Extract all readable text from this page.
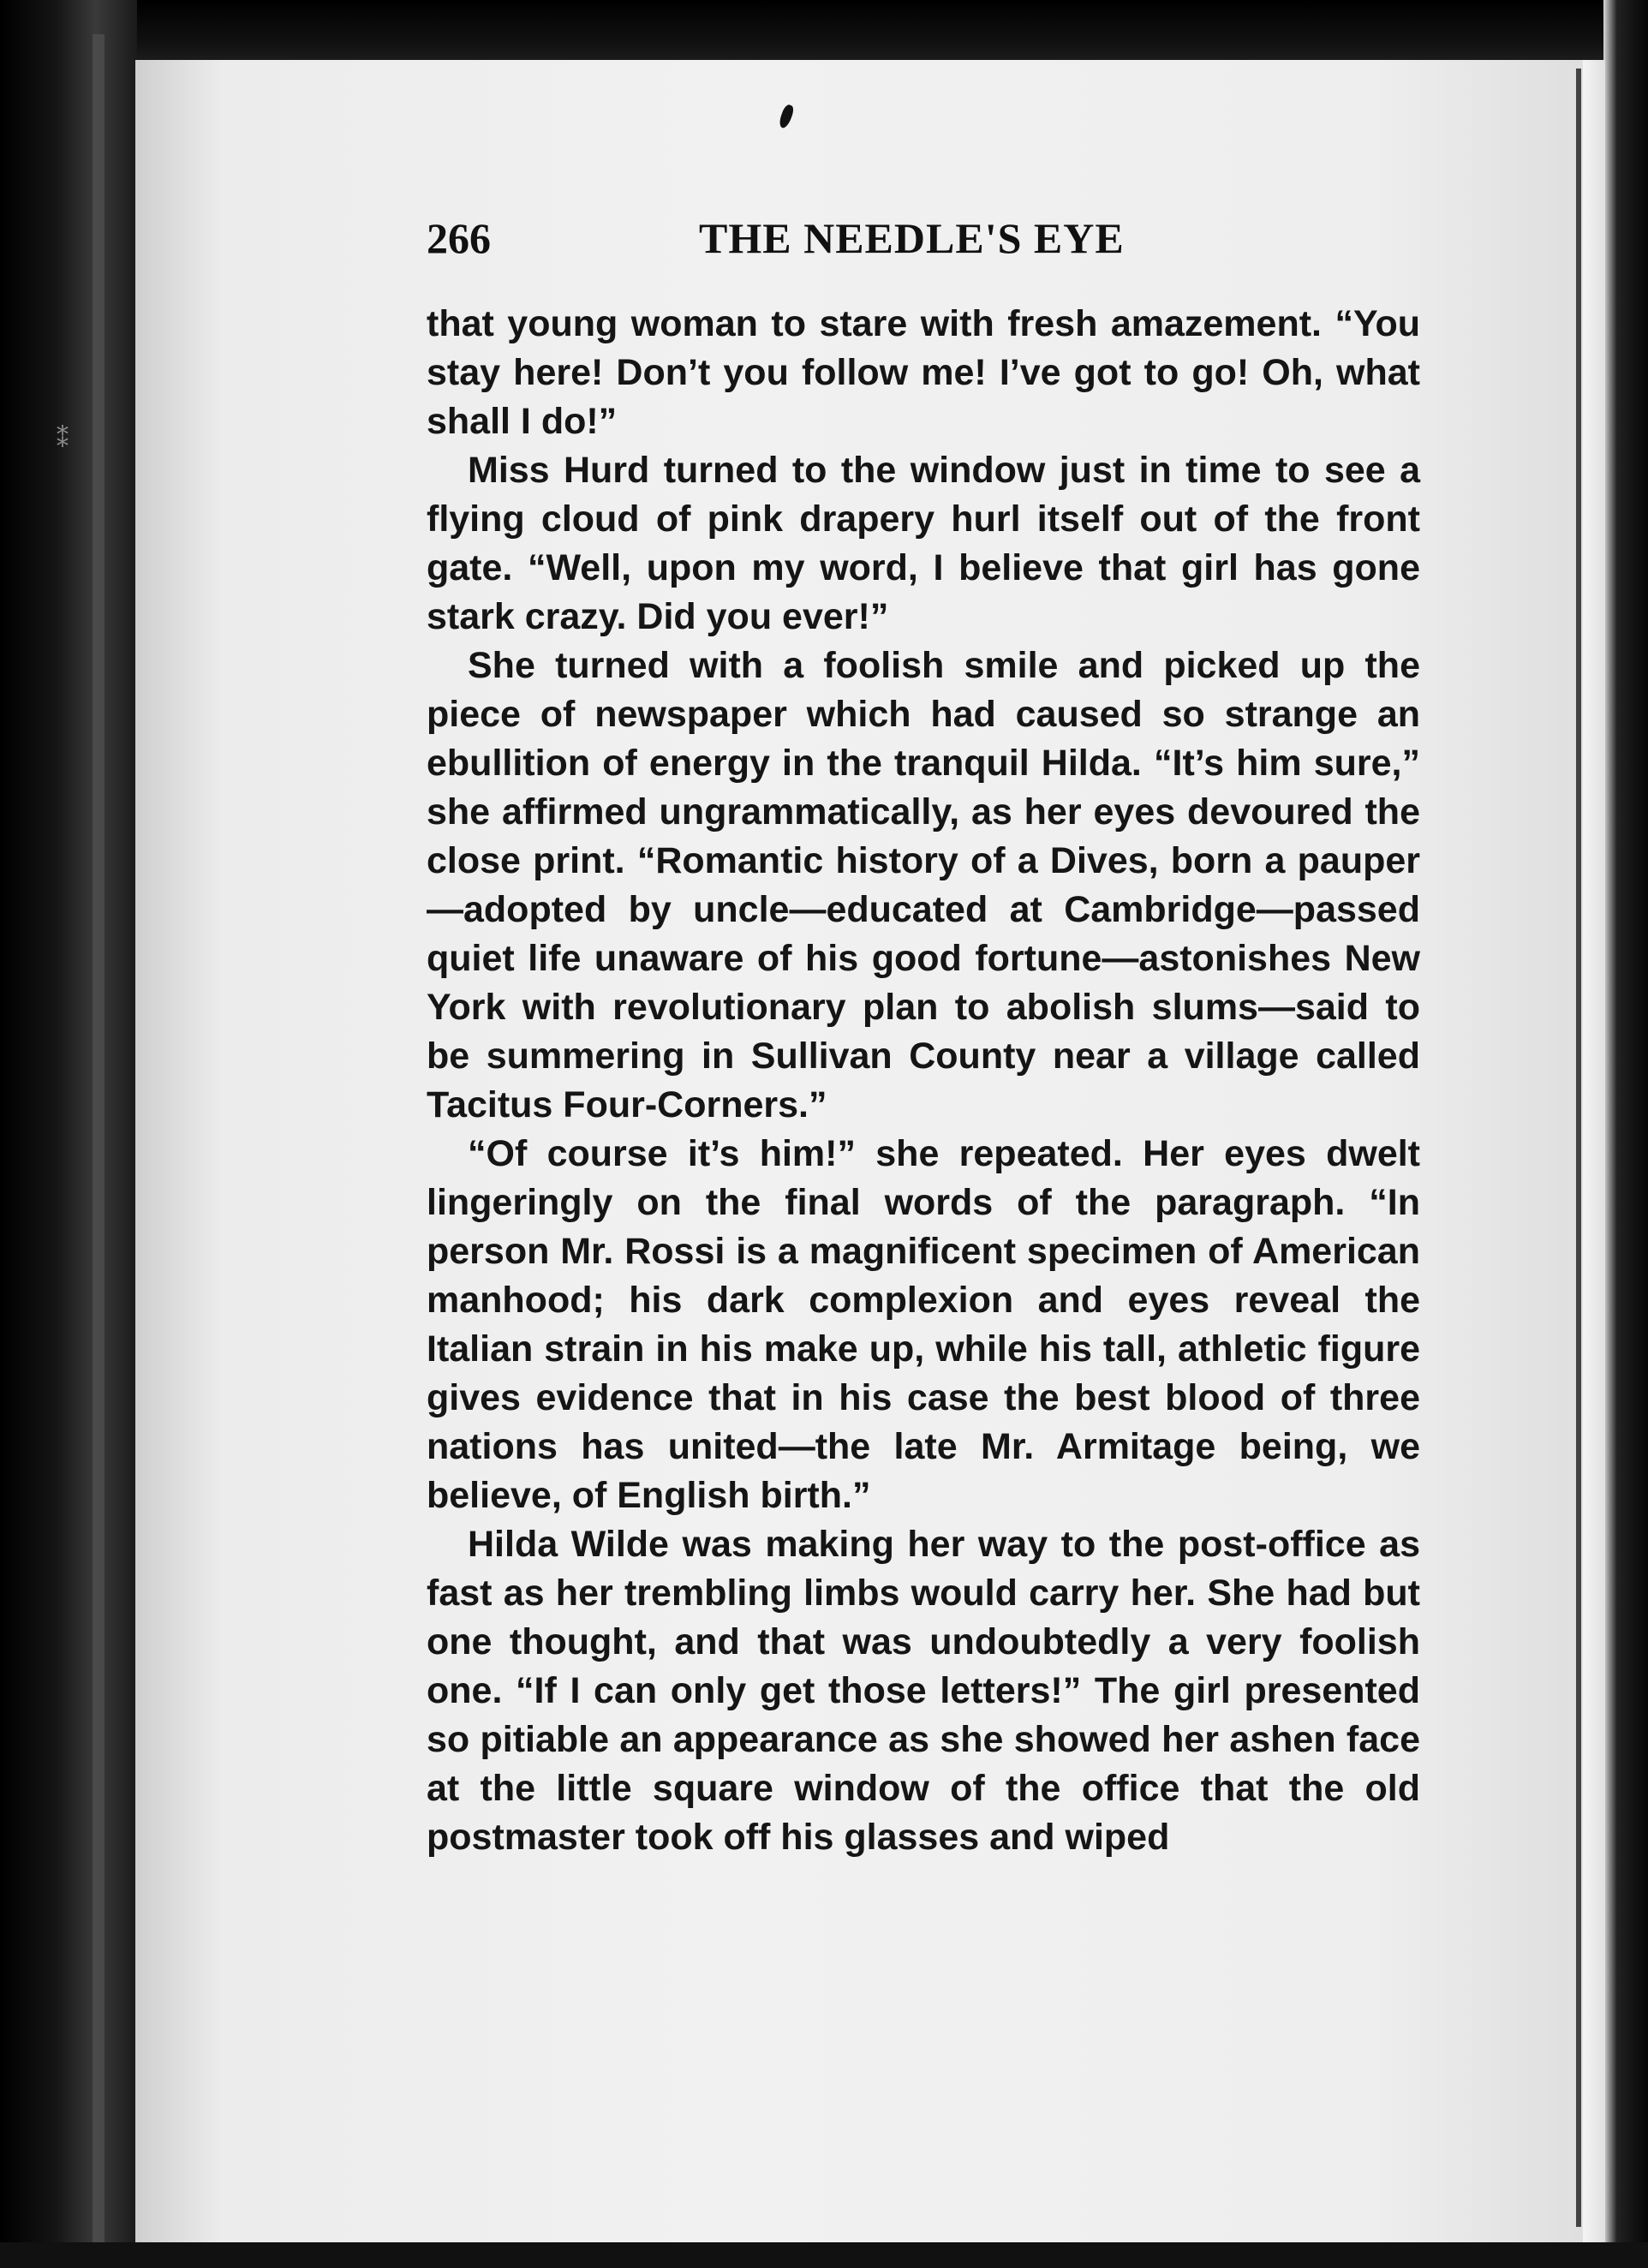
⁑
266	THE NEEDLE'S EYE

that young woman to stare with fresh amazement. “You stay here! Don’t you follow me! I’ve got to go! Oh, what shall I do!”

Miss Hurd turned to the window just in time to see a flying cloud of pink drapery hurl itself out of the front gate. “Well, upon my word, I believe that girl has gone stark crazy. Did you ever!”

She turned with a foolish smile and picked up the piece of newspaper which had caused so strange an ebullition of energy in the tranquil Hilda. “It’s him sure,” she affirmed ungrammatically, as her eyes devoured the close print. “Romantic history of a Dives, born a pauper—adopted by uncle—educated at Cambridge—passed quiet life unaware of his good fortune—astonishes New York with revolutionary plan to abolish slums—said to be summering in Sullivan County near a village called Tacitus Four-Corners.”

“Of course it’s him!” she repeated. Her eyes dwelt lingeringly on the final words of the paragraph. “In person Mr. Rossi is a magnificent specimen of American manhood; his dark complexion and eyes reveal the Italian strain in his make up, while his tall, athletic figure gives evidence that in his case the best blood of three nations has united—the late Mr. Armitage being, we believe, of English birth.”

Hilda Wilde was making her way to the post-office as fast as her trembling limbs would carry her. She had but one thought, and that was undoubtedly a very foolish one. “If I can only get those letters!” The girl presented so pitiable an appearance as she showed her ashen face at the little square window of the office that the old postmaster took off his glasses and wiped
